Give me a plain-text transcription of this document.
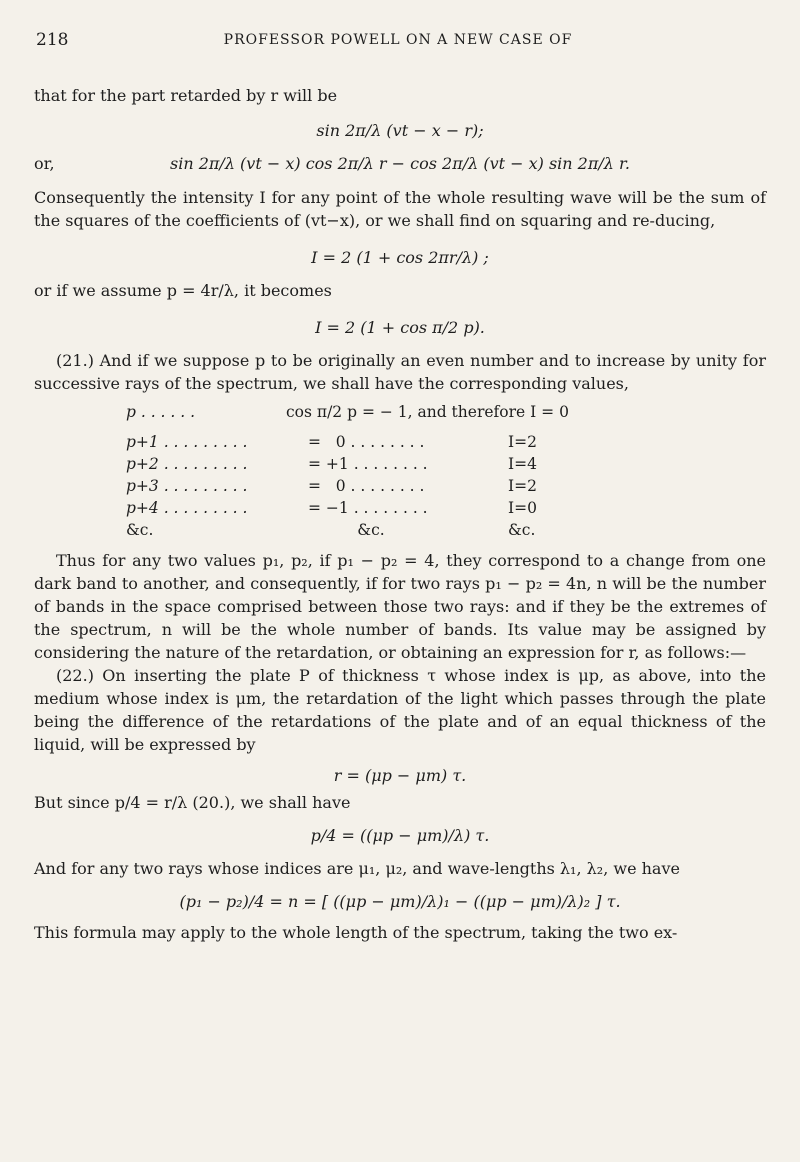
218	PROFESSOR POWELL ON A NEW CASE OF

that for the part retarded by r will be

sin 2π/λ (vt − x − r);
or,	sin 2π/λ (vt − x) cos 2π/λ r − cos 2π/λ (vt − x) sin 2π/λ r.

Consequently the intensity I for any point of the whole resulting wave will be the sum of the squares of the coefficients of (vt−x), or we shall find on squaring and re-ducing,

I = 2 (1 + cos 2πr/λ) ;

or if we assume p = 4r/λ, it becomes

I = 2 (1 + cos π/2 p).

(21.) And if we suppose p to be originally an even number and to increase by unity for successive rays of the spectrum, we shall have the corresponding values,

p . . . . . .	cos π/2 p = − 1, and therefore I = 0
p+1 . . . . . . . . .	=   0 . . . . . . . .	I=2
p+2 . . . . . . . . .	= +1 . . . . . . . .	I=4
p+3 . . . . . . . . .	=   0 . . . . . . . .	I=2
p+4 . . . . . . . . .	= −1 . . . . . . . .	I=0
&c.	&c.	&c.

Thus for any two values p₁, p₂, if p₁ − p₂ = 4, they correspond to a change from one dark band to another, and consequently, if for two rays p₁ − p₂ = 4n, n will be the number of bands in the space comprised between those two rays: and if they be the extremes of the spectrum, n will be the whole number of bands. Its value may be assigned by considering the nature of the retardation, or obtaining an expression for r, as follows:—

(22.) On inserting the plate P of thickness τ whose index is μp, as above, into the medium whose index is μm, the retardation of the light which passes through the plate being the difference of the retardations of the plate and of an equal thickness of the liquid, will be expressed by

r = (μp − μm) τ.

But since p/4 = r/λ (20.), we shall have

p/4 = ((μp − μm)/λ) τ.

And for any two rays whose indices are μ₁, μ₂, and wave-lengths λ₁, λ₂, we have

(p₁ − p₂)/4 = n = [ ((μp − μm)/λ)₁ − ((μp − μm)/λ)₂ ] τ.

This formula may apply to the whole length of the spectrum, taking the two ex-
